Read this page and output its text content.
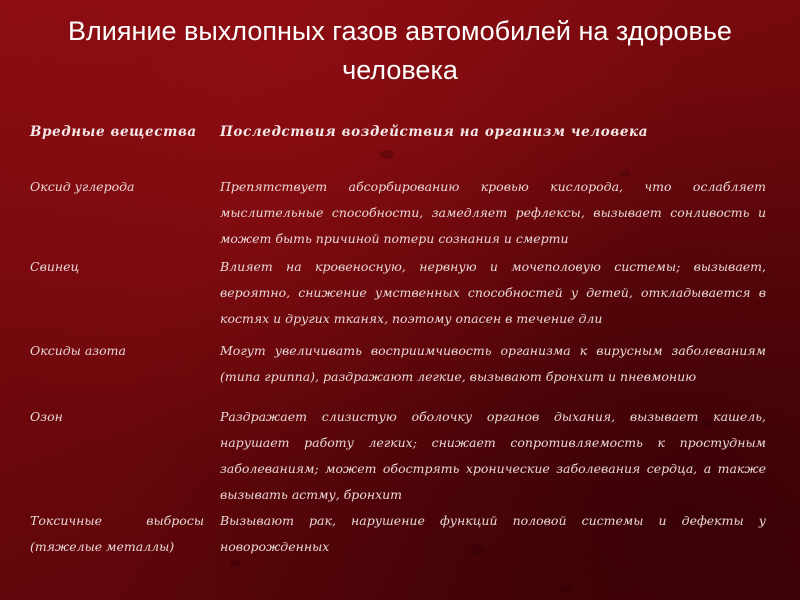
Влияние выхлопных газов автомобилей на здоровье человека
Вредные вещества	Последствия воздействия на организм человека
Оксид углерода	Препятствует абсорбированию кровью кислорода, что ослабляет мыслительные способности, замедляет рефлексы, вызывает сонливость и может быть причиной потери сознания и смерти
Свинец	Влияет на кровеносную, нервную и мочеполовую системы; вызывает, вероятно, снижение умственных способностей у детей, откладывается в костях и других тканях, поэтому опасен в течение дли
Оксиды азота	Могут увеличивать восприимчивость организма к вирусным заболеваниям (типа гриппа), раздражают легкие, вызывают бронхит и пневмонию
Озон	Раздражает слизистую оболочку органов дыхания, вызывает кашель, нарушает работу легких; снижает сопротивляемость к простудным заболеваниям; может обострять хронические заболевания сердца, а также вызывать астму, бронхит
Токсичные выбросы (тяжелые металлы)	Вызывают рак, нарушение функций половой системы и дефекты у новорожденных
